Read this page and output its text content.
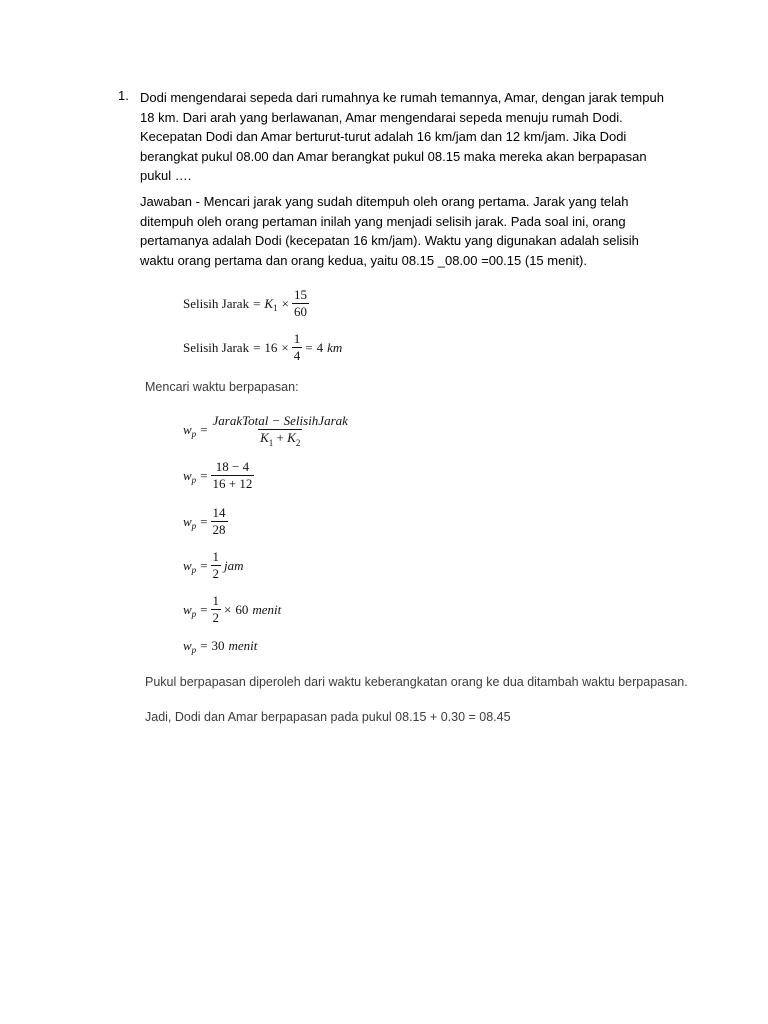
1. Dodi mengendarai sepeda dari rumahnya ke rumah temannya, Amar, dengan jarak tempuh
18 km. Dari arah yang berlawanan, Amar mengendarai sepeda menuju rumah Dodi.
Kecepatan Dodi dan Amar berturut-turut adalah 16 km/jam dan 12 km/jam. Jika Dodi
berangkat pukul 08.00 dan Amar berangkat pukul 08.15 maka mereka akan berpapasan
pukul ….
Jawaban - Mencari jarak yang sudah ditempuh oleh orang pertama. Jarak yang telah
ditempuh oleh orang pertaman inilah yang menjadi selisih jarak. Pada soal ini, orang
pertamanya adalah Dodi (kecepatan 16 km/jam). Waktu yang digunakan adalah selisih
waktu orang pertama dan orang kedua, yaitu 08.15 _08.00 =00.15 (15 menit).
Selisih Jarak = K $1 \times \frac{15}{60}$
Selisih Jarak = $16 \times \frac{1}{4} = 4$ km
Mencari waktu berpapasan:
w $p = \frac{\text{JarakTotal − SelisihJarak}}{K_1 + K_2}$
w $p = \frac{18 - 4}{16 + 12}$
w $p = \frac{14}{28}$
w $p = \frac{1}{2}$ jam
w $p = \frac{1}{2} \times 60$ menit
w p = 30 menit
Pukul berpapasan diperoleh dari waktu keberangkatan orang ke dua ditambah waktu berpapasan.
Jadi, Dodi dan Amar berpapasan pada pukul 08.15 + 0.30 = 08.45
